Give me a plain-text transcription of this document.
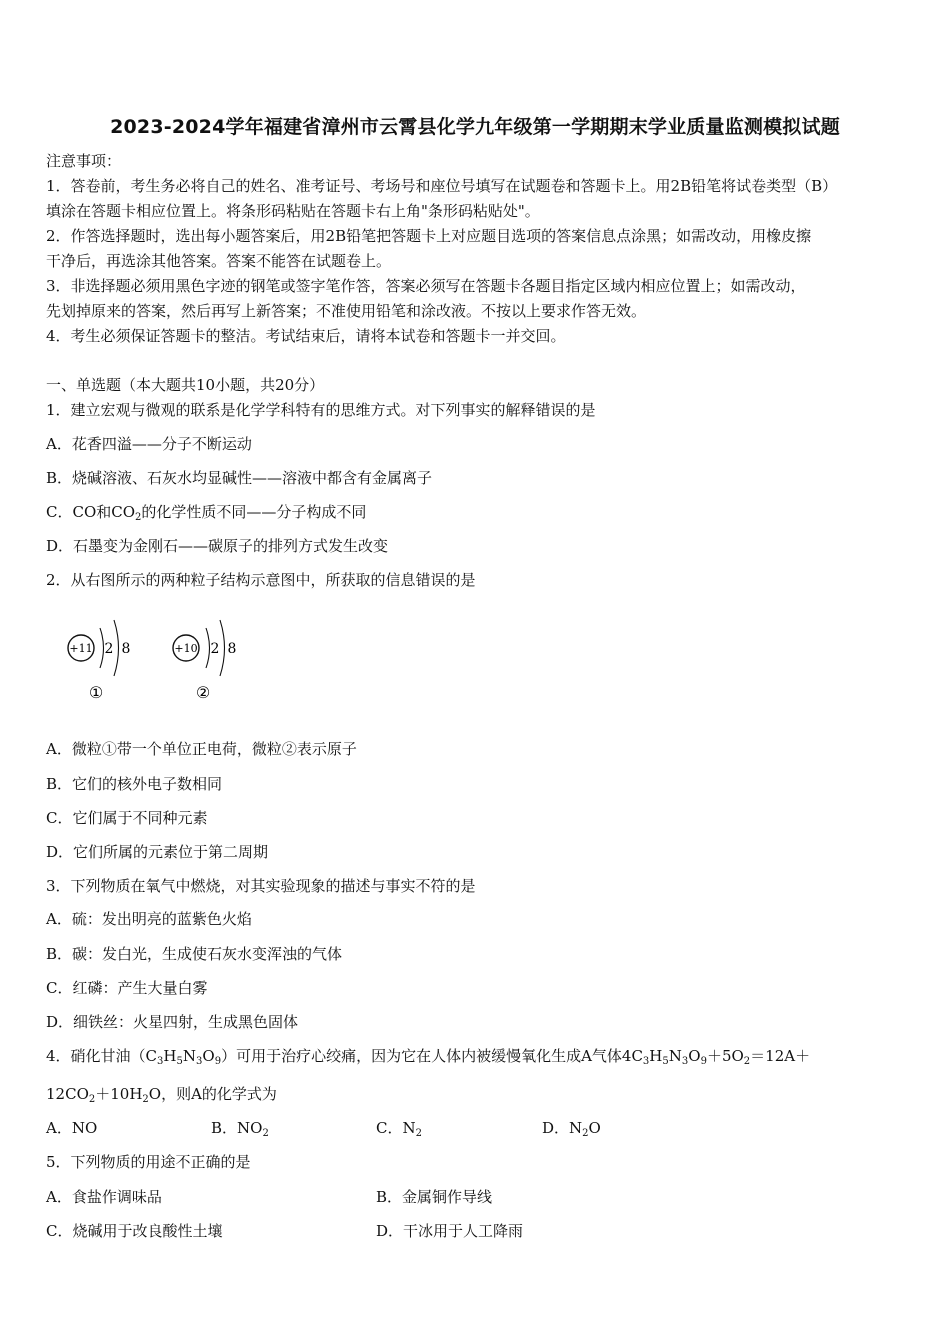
2023-2024学年福建省漳州市云霄县化学九年级第一学期期末学业质量监测模拟试题
注意事项：
1．答卷前，考生务必将自己的姓名、准考证号、考场号和座位号填写在试题卷和答题卡上。用2B铅笔将试卷类型（B）
填涂在答题卡相应位置上。将条形码粘贴在答题卡右上角"条形码粘贴处"。
2．作答选择题时，选出每小题答案后，用2B铅笔把答题卡上对应题目选项的答案信息点涂黑；如需改动，用橡皮擦
干净后，再选涂其他答案。答案不能答在试题卷上。
3．非选择题必须用黑色字迹的钢笔或签字笔作答，答案必须写在答题卡各题目指定区域内相应位置上；如需改动，
先划掉原来的答案，然后再写上新答案；不准使用铅笔和涂改液。不按以上要求作答无效。
4．考生必须保证答题卡的整洁。考试结束后，请将本试卷和答题卡一并交回。
一、单选题（本大题共10小题，共20分）
1．建立宏观与微观的联系是化学学科特有的思维方式。对下列事实的解释错误的是
A．花香四溢——分子不断运动
B．烧碱溶液、石灰水均显碱性——溶液中都含有金属离子
C．CO和$CO_2$的化学性质不同——分子构成不同
D．石墨变为金刚石——碳原子的排列方式发生改变
2．从右图所示的两种粒子结构示意图中，所获取的信息错误的是
+11 2 8
①
+10 2 8
②
A．微粒①带一个单位正电荷，微粒②表示原子
B．它们的核外电子数相同
C．它们属于不同种元素
D．它们所属的元素位于第二周期
3．下列物质在氧气中燃烧，对其实验现象的描述与事实不符的是
A．硫：发出明亮的蓝紫色火焰
B．碳：发白光，生成使石灰水变浑浊的气体
C．红磷：产生大量白雾
D．细铁丝：火星四射，生成黑色固体
4．硝化甘油$(C_3H_5N_3O_9)$可用于治疗心绞痛，因为它在人体内被缓慢氧化生成A气体$4C_3H_5N_3O_9+5O_2=12A+$
$12CO_2+10H_2O$，则A的化学式为
A．NO	B．$NO_2$	C．$N_2$	D．$N_2O$
5．下列物质的用途不正确的是
A．食盐作调味品	B．金属铜作导线
C．烧碱用于改良酸性土壤	D．干冰用于人工降雨
